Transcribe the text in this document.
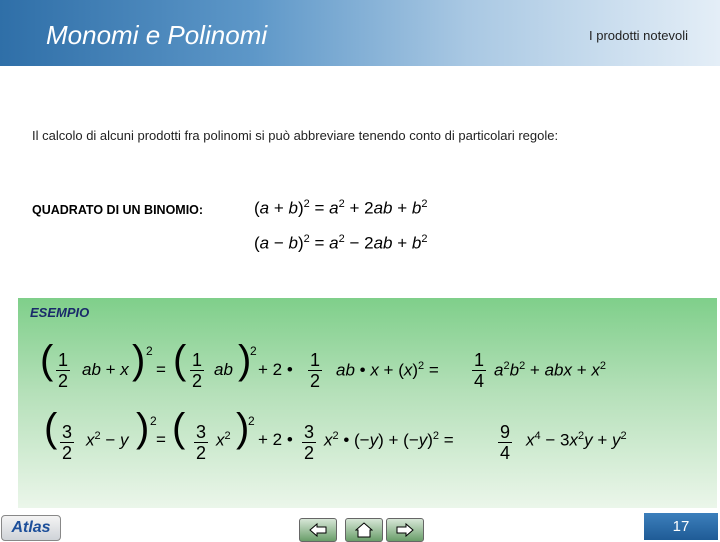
Monomi e Polinomi	I prodotti notevoli
Il calcolo di alcuni prodotti fra polinomi si può abbreviare tenendo conto di particolari regole:
QUADRATO DI UN BINOMIO:	$(a + b)^2 = a^2 + 2ab + b^2$
$(a - b)^2 = a^2 - 2ab + b^2$
ESEMPIO
( $\frac{1}{2}$ ab + x ) 2
= ( $\frac{1}{2}$ ab )
2
+ 2 • $\frac{1}{2}$ ab • $x + (x)^2 = \frac{1}{4} a^2b^2$ + abx + $x^2$
( $\frac{3}{2} x^2 - y$ ) 2
= ( $\frac{3}{2} x^2$ )
2
+ 2 • $\frac{3}{2} x^2$ • $(-y) + (-y)^2 = \frac{9}{4} x^4 - 3x^2y + y^2$
Atlas	17
